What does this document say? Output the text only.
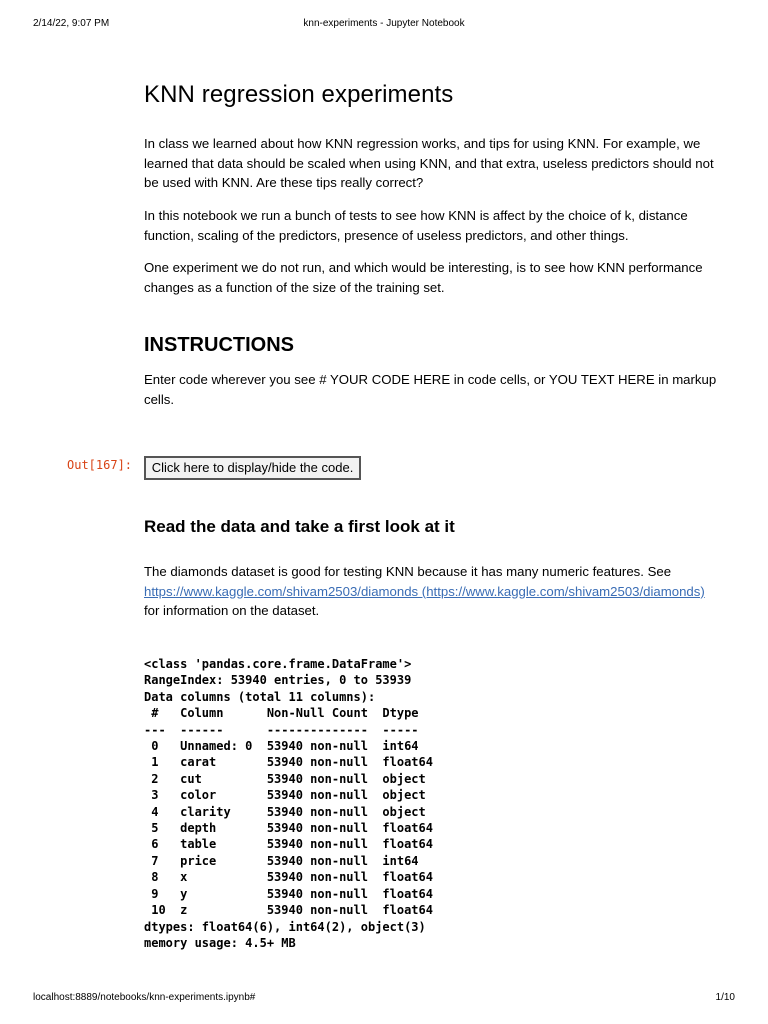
2/14/22, 9:07 PM	knn-experiments - Jupyter Notebook
KNN regression experiments

In class we learned about how KNN regression works, and tips for using KNN. For example, we learned that data should be scaled when using KNN, and that extra, useless predictors should not be used with KNN. Are these tips really correct?

In this notebook we run a bunch of tests to see how KNN is affect by the choice of k, distance function, scaling of the predictors, presence of useless predictors, and other things.

One experiment we do not run, and which would be interesting, is to see how KNN performance changes as a function of the size of the training set.

INSTRUCTIONS

Enter code wherever you see # YOUR CODE HERE in code cells, or YOU TEXT HERE in markup cells.

Out[167]:	Click here to display/hide the code.
Read the data and take a first look at it

The diamonds dataset is good for testing KNN because it has many numeric features. See
https://www.kaggle.com/shivam2503/diamonds (https://www.kaggle.com/shivam2503/diamonds)
for information on the dataset.

<class 'pandas.core.frame.DataFrame'>
RangeIndex: 53940 entries, 0 to 53939
Data columns (total 11 columns):
#   Column      Non-Null Count  Dtype
---  ------      --------------  -----
0   Unnamed: 0  53940 non-null  int64
1   carat       53940 non-null  float64
2   cut         53940 non-null  object
3   color       53940 non-null  object
4   clarity     53940 non-null  object
5   depth       53940 non-null  float64
6   table       53940 non-null  float64
7   price       53940 non-null  int64
8   x           53940 non-null  float64
9   y           53940 non-null  float64
10  z           53940 non-null  float64
dtypes: float64(6), int64(2), object(3)
memory usage: 4.5+ MB
localhost:8889/notebooks/knn-experiments.ipynb#	1/10
